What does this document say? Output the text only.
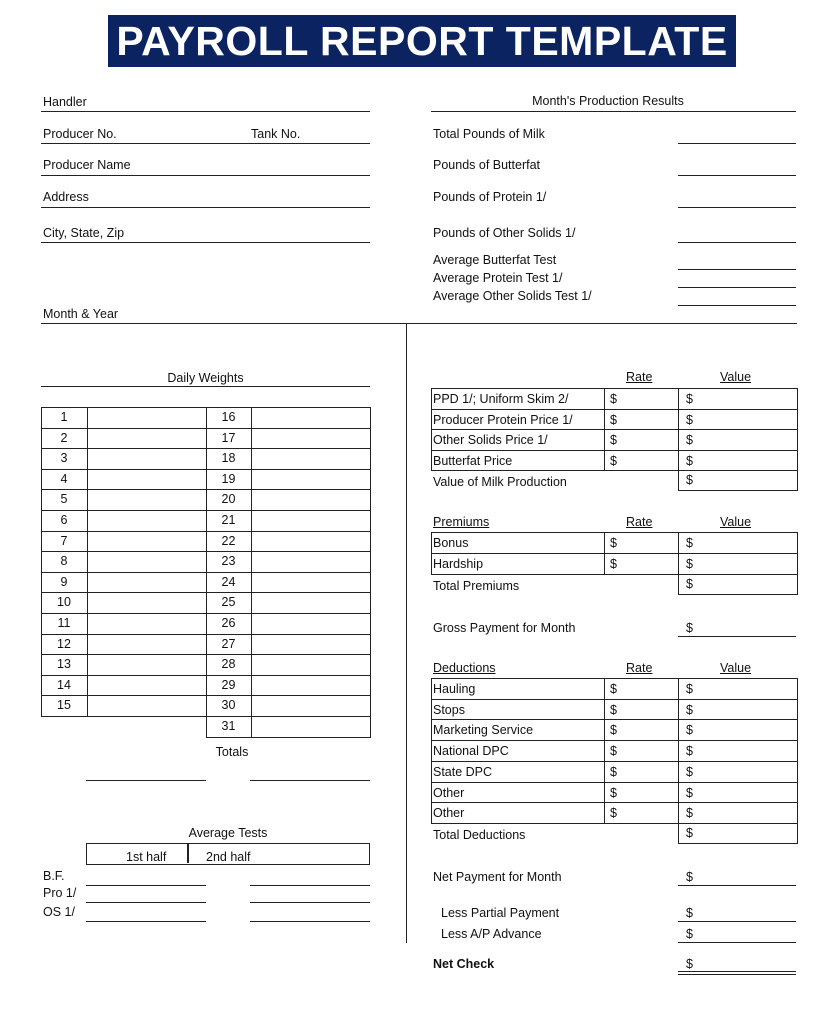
PAYROLL REPORT TEMPLATE
Handler
Producer No.	Tank No.
Producer Name
Address
City, State, Zip
Month & Year
Month's Production Results
Total Pounds of Milk
Pounds of Butterfat
Pounds of Protein 1/
Pounds of Other Solids 1/
Average Butterfat Test
Average Protein Test 1/
Average Other Solids Test 1/
Daily Weights
1	16
2	17
3	18
4	19
5	20
6	21
7	22
8	23
9	24
10	25
11	26
12	27
13	28
14	29
15	30
31
Totals
Average Tests
1st half	2nd half
B.F.
Pro 1/
OS 1/
Rate	Value
PPD 1/; Uniform Skim 2/	$	$
Producer Protein Price 1/	$	$
Other Solids Price 1/	$	$
Butterfat Price	$	$
Value of Milk Production	$
Premiums	Rate	Value
Bonus	$	$
Hardship	$	$
Total Premiums	$
Gross Payment for Month	$
Deductions	Rate	Value
Hauling	$	$
Stops	$	$
Marketing Service	$	$
National DPC	$	$
State DPC	$	$
Other	$	$
Other	$	$
Total Deductions	$
Net Payment for Month	$
Less Partial Payment	$
Less A/P Advance	$
Net Check	$
